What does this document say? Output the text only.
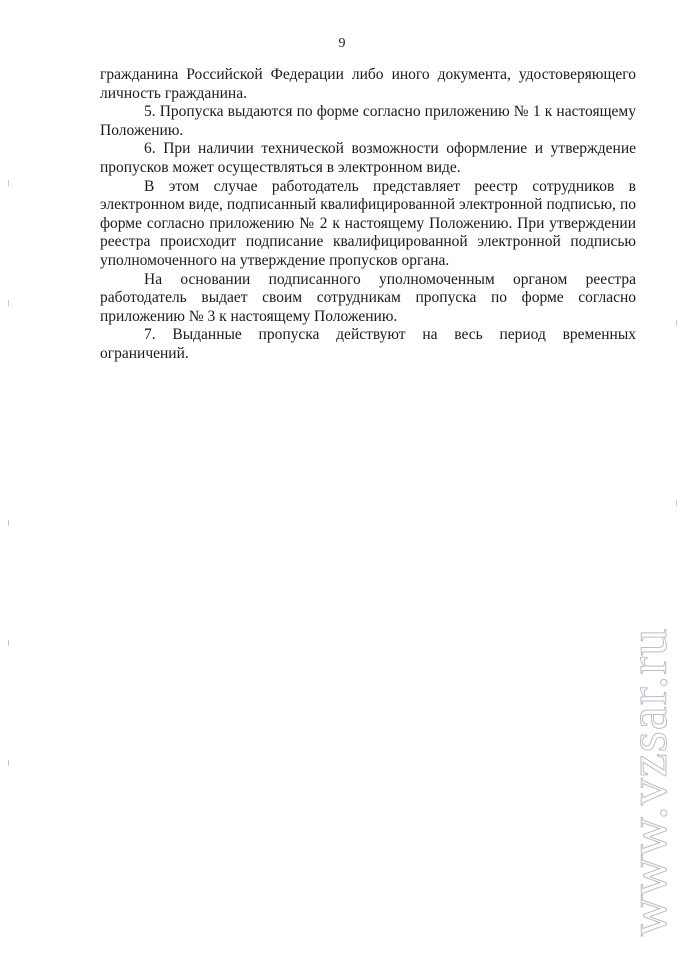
9

гражданина Российской Федерации либо иного документа, удостоверяющего личность гражданина.

5. Пропуска выдаются по форме согласно приложению № 1 к настоящему Положению.

6. При наличии технической возможности оформление и утверждение пропусков может осуществляться в электронном виде.

В этом случае работодатель представляет реестр сотрудников в электронном виде, подписанный квалифицированной электронной подписью, по форме согласно приложению № 2 к настоящему Положению. При утверждении реестра происходит подписание квалифицированной электронной подписью уполномоченного на утверждение пропусков органа.

На основании подписанного уполномоченным органом реестра работодатель выдает своим сотрудникам пропуска по форме согласно приложению № 3 к настоящему Положению.

7. Выданные пропуска действуют на весь период временных ограничений.

www.vzsar.ru
